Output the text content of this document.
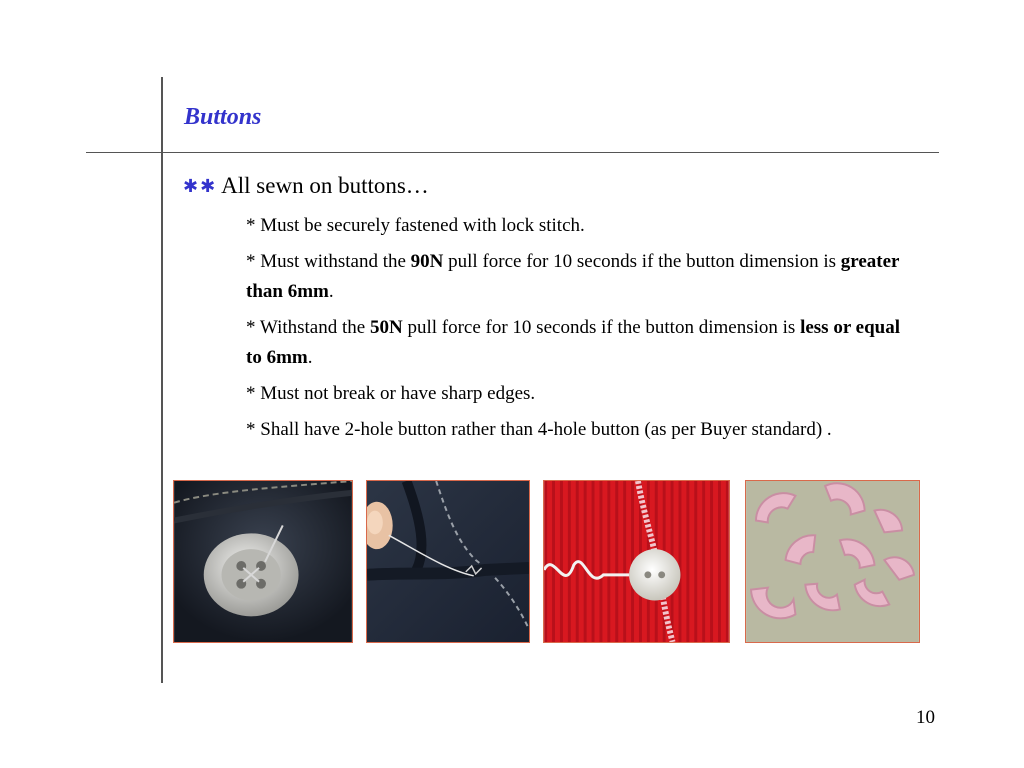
Buttons
✱✱ All sewn on buttons…
* Must be securely fastened with lock stitch.
* Must withstand the 90N pull force for 10 seconds if the button dimension is greater than 6mm.
* Withstand the 50N pull force for 10 seconds if the button dimension is less or equal to 6mm.
* Must not break or have sharp edges.
* Shall have 2-hole button rather than 4-hole button (as per Buyer standard) .
10
